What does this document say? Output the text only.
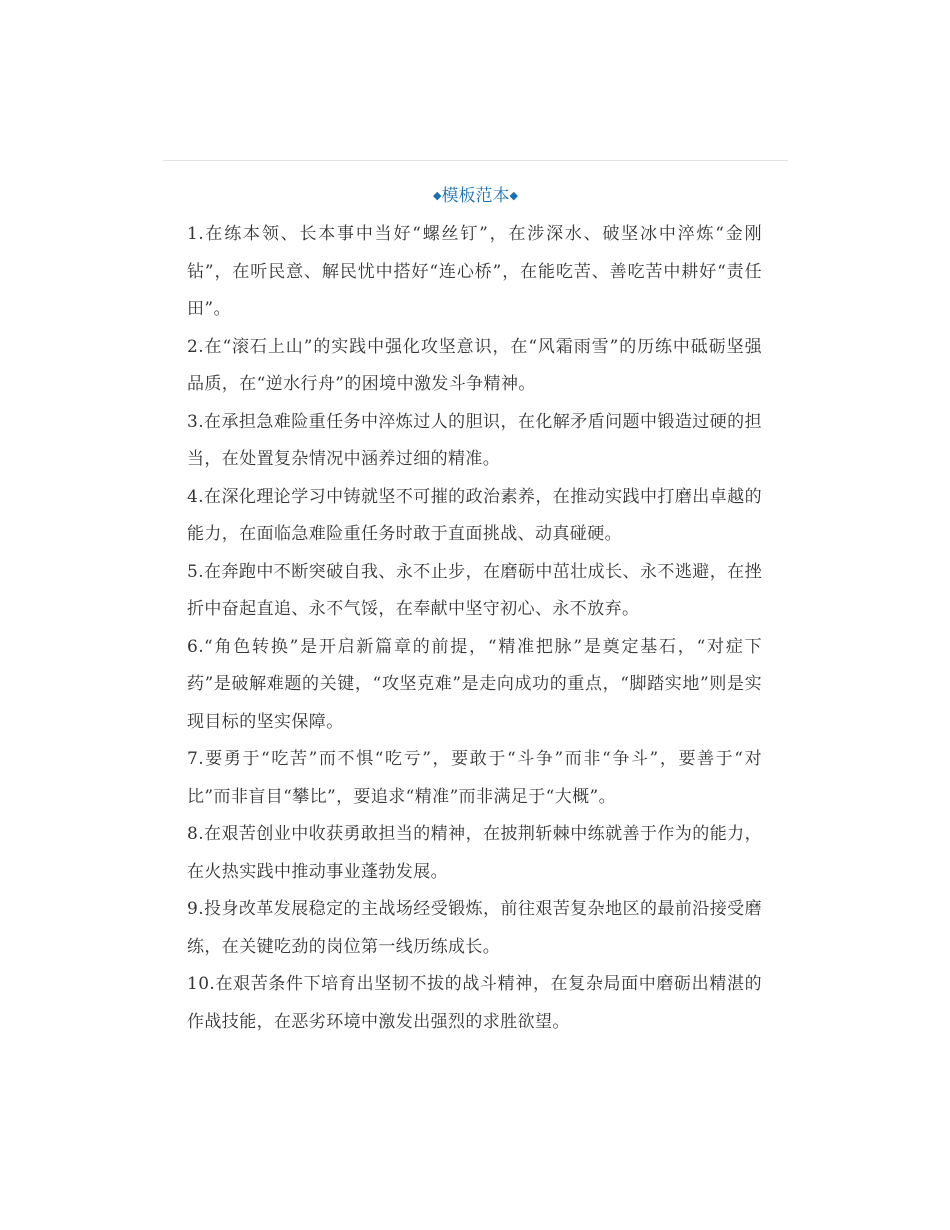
◆模板范本◆

1.在练本领、长本事中当好“螺丝钉”，在涉深水、破坚冰中淬炼“金刚钻”，在听民意、解民忧中搭好“连心桥”，在能吃苦、善吃苦中耕好“责任田”。

2.在“滚石上山”的实践中强化攻坚意识，在“风霜雨雪”的历练中砥砺坚强品质，在“逆水行舟”的困境中激发斗争精神。

3.在承担急难险重任务中淬炼过人的胆识，在化解矛盾问题中锻造过硬的担当，在处置复杂情况中涵养过细的精准。

4.在深化理论学习中铸就坚不可摧的政治素养，在推动实践中打磨出卓越的能力，在面临急难险重任务时敢于直面挑战、动真碰硬。

5.在奔跑中不断突破自我、永不止步，在磨砺中茁壮成长、永不逃避，在挫折中奋起直追、永不气馁，在奉献中坚守初心、永不放弃。

6.“角色转换”是开启新篇章的前提，“精准把脉”是奠定基石，“对症下药”是破解难题的关键，“攻坚克难”是走向成功的重点，“脚踏实地”则是实现目标的坚实保障。

7.要勇于“吃苦”而不惧“吃亏”，要敢于“斗争”而非“争斗”，要善于“对比”而非盲目“攀比”，要追求“精准”而非满足于“大概”。

8.在艰苦创业中收获勇敢担当的精神，在披荆斩棘中练就善于作为的能力，在火热实践中推动事业蓬勃发展。

9.投身改革发展稳定的主战场经受锻炼，前往艰苦复杂地区的最前沿接受磨练，在关键吃劲的岗位第一线历练成长。

10.在艰苦条件下培育出坚韧不拔的战斗精神，在复杂局面中磨砺出精湛的作战技能，在恶劣环境中激发出强烈的求胜欲望。
